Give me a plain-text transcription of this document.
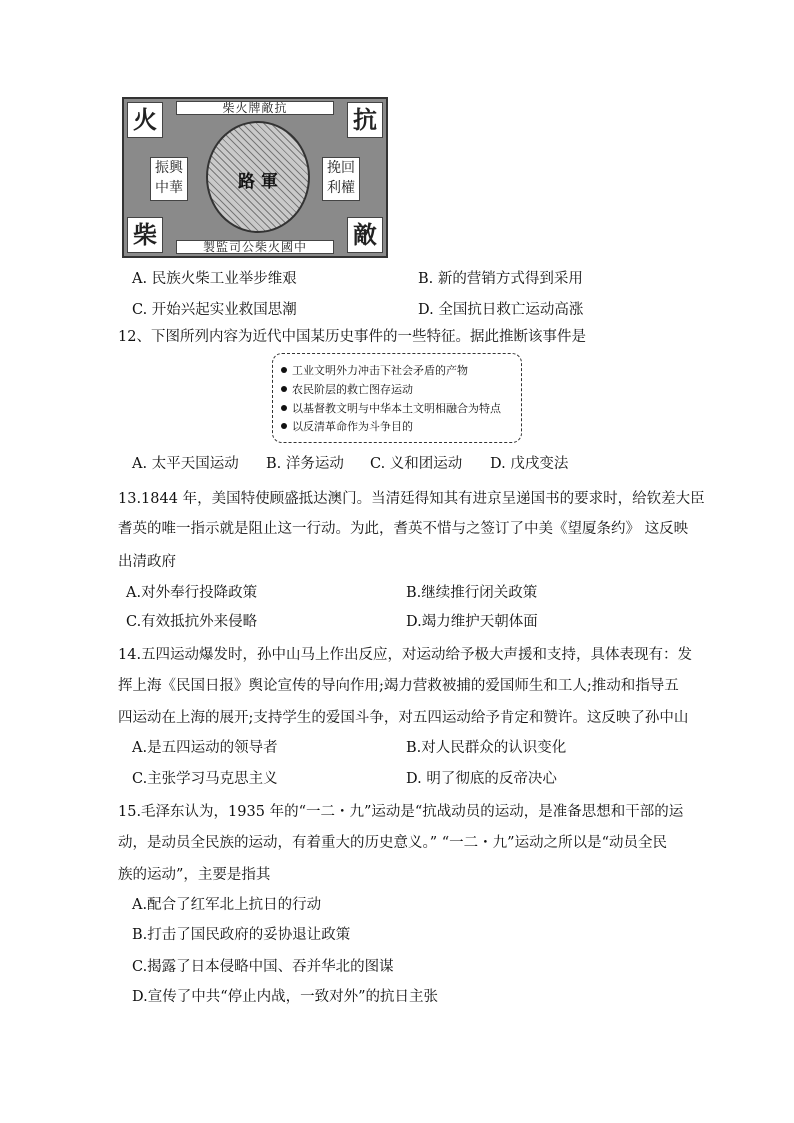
火	抗
柴	敵
柴火牌敵抗
製監司公柴火國中
振興
中華
挽回
利權
路 軍
A. 民族火柴工业举步维艰	B. 新的营销方式得到采用
C. 开始兴起实业救国思潮	D. 全国抗日救亡运动高涨
12、下图所列内容为近代中国某历史事件的一些特征。据此推断该事件是
工业文明外力冲击下社会矛盾的产物
农民阶层的救亡图存运动
以基督教文明与中华本土文明相融合为特点
以反清革命作为斗争目的
A. 太平天国运动 B. 洋务运动 C. 义和团运动 D. 戊戌变法
13.1844 年，美国特使顾盛抵达澳门。当清廷得知其有进京呈递国书的要求时，给钦差大臣
耆英的唯一指示就是阻止这一行动。为此，耆英不惜与之签订了中美《望厦条约》 这反映
出清政府
A.对外奉行投降政策	B.继续推行闭关政策
C.有效抵抗外来侵略	D.竭力维护天朝体面
14.五四运动爆发时，孙中山马上作出反应，对运动给予极大声援和支持，具体表现有：发
挥上海《民国日报》舆论宣传的导向作用;竭力营救被捕的爱国师生和工人;推动和指导五
四运动在上海的展开;支持学生的爱国斗争，对五四运动给予肯定和赞许。这反映了孙中山
A.是五四运动的领导者	B.对人民群众的认识变化
C.主张学习马克思主义	D. 明了彻底的反帝决心
15.毛泽东认为，1935 年的“一二・九”运动是“抗战动员的运动，是准备思想和干部的运
动，是动员全民族的运动，有着重大的历史意义。” “一二・九”运动之所以是“动员全民
族的运动”，主要是指其
A.配合了红军北上抗日的行动
B.打击了国民政府的妥协退让政策
C.揭露了日本侵略中国、吞并华北的图谋
D.宣传了中共“停止内战，一致对外”的抗日主张
